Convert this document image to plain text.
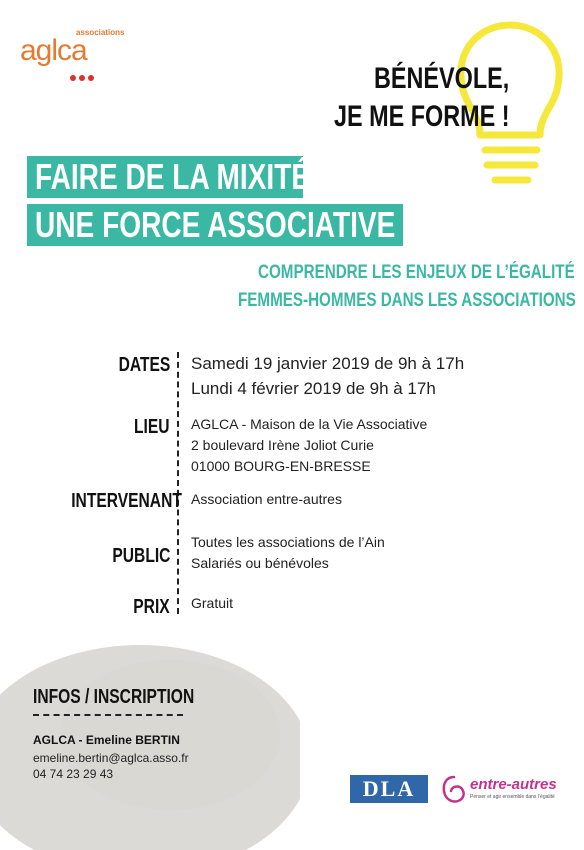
associations
aglca
BÉNÉVOLE,
JE ME FORME !
FAIRE DE LA MIXITÉ
UNE FORCE ASSOCIATIVE !
COMPRENDRE LES ENJEUX DE L’ÉGALITÉ
FEMMES-HOMMES DANS LES ASSOCIATIONS
DATES Samedi 19 janvier 2019 de 9h à 17h
Lundi 4 février 2019 de 9h à 17h
LIEU AGLCA - Maison de la Vie Associative
2 boulevard Irène Joliot Curie
01000 BOURG-EN-BRESSE
INTERVENANT Association entre-autres
PUBLIC
Toutes les associations de l’Ain
Salariés ou bénévoles
PRIX Gratuit
INFOS / INSCRIPTION
AGLCA - Emeline BERTIN
emeline.bertin@aglca.asso.fr
04 74 23 29 43
DLA	entre-autres
Penser et agir ensemble dans l’égalité
